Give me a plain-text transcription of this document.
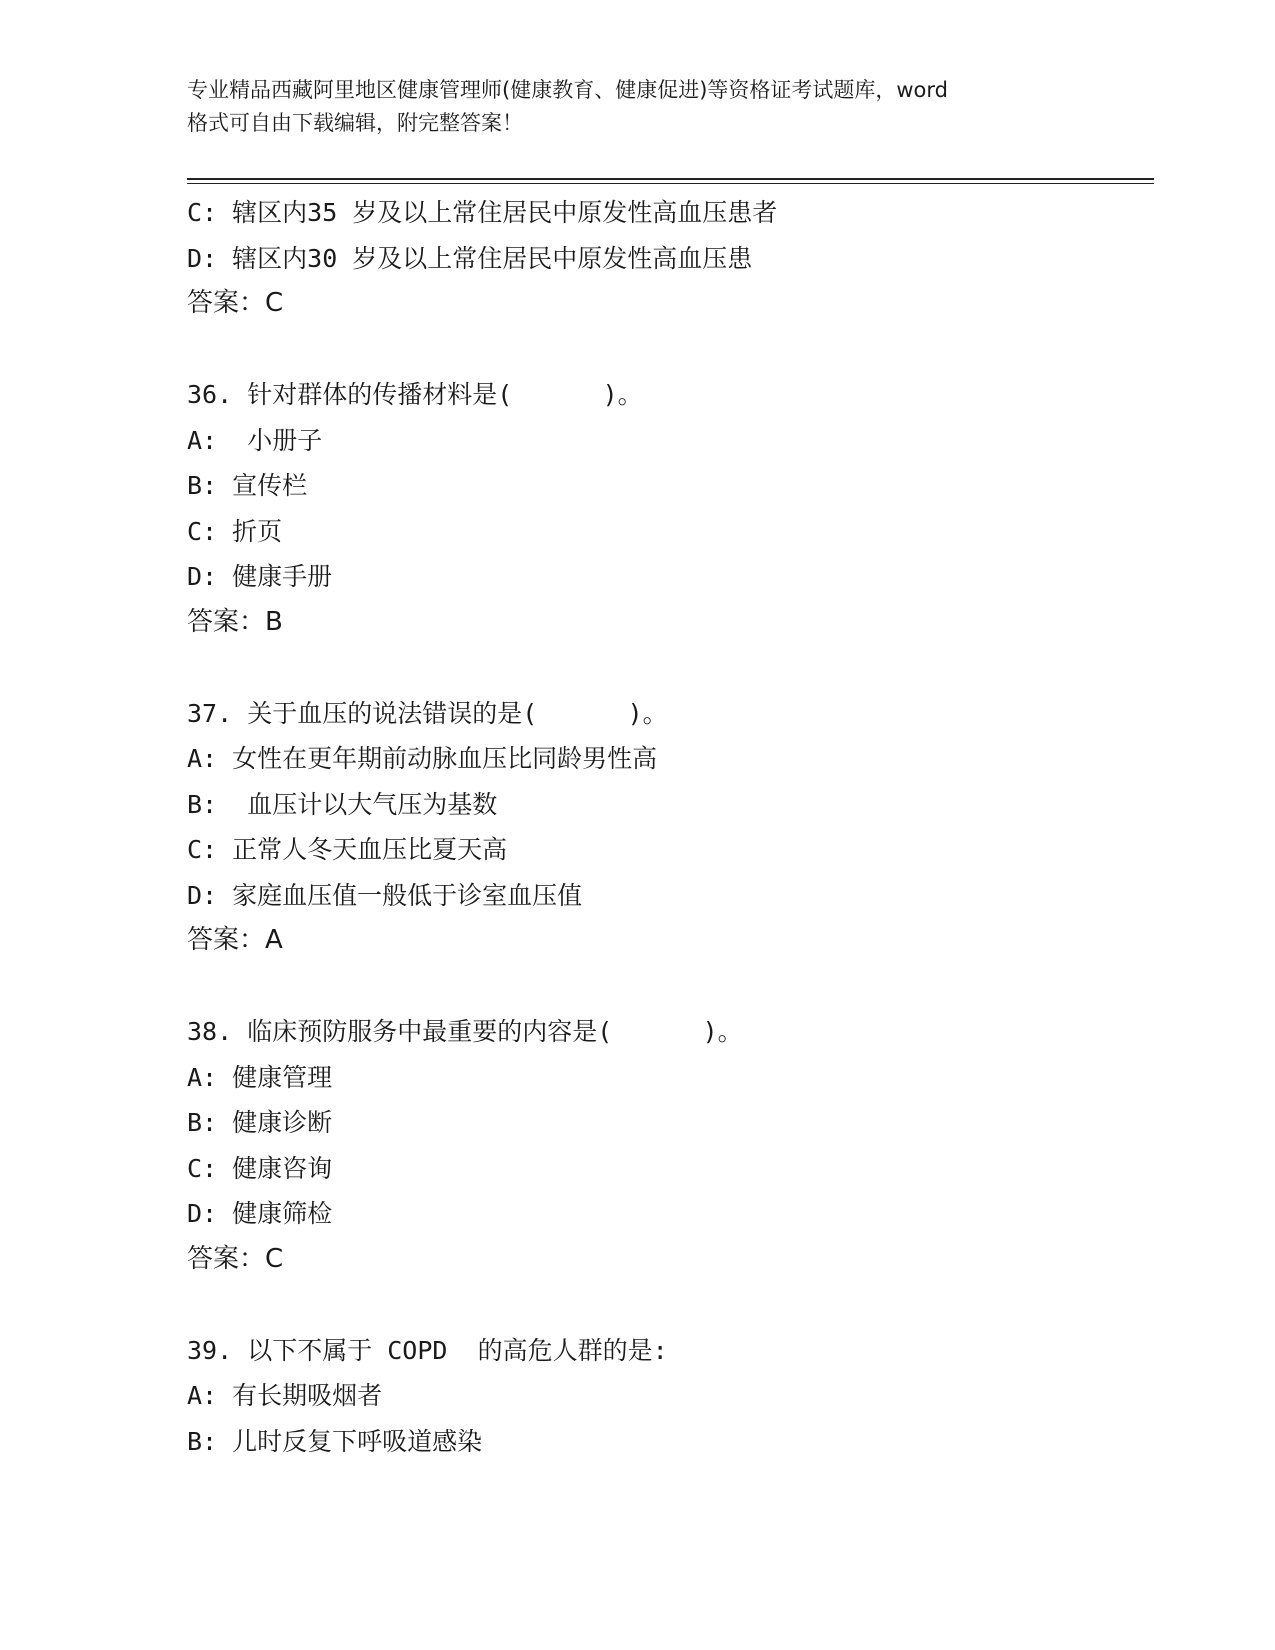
专业精品西藏阿里地区健康管理师(健康教育、健康促进)等资格证考试题库，word
格式可自由下载编辑，附完整答案！
C: 辖区内35 岁及以上常住居民中原发性高血压患者
D: 辖区内30 岁及以上常住居民中原发性高血压患
答案：C
36. 针对群体的传播材料是(      )。
A:  小册子
B: 宣传栏
C: 折页
D: 健康手册
答案：B
37. 关于血压的说法错误的是(      )。
A: 女性在更年期前动脉血压比同龄男性高
B:  血压计以大气压为基数
C: 正常人冬天血压比夏天高
D: 家庭血压值一般低于诊室血压值
答案：A
38. 临床预防服务中最重要的内容是(      )。
A: 健康管理
B: 健康诊断
C: 健康咨询
D: 健康筛检
答案：C
39. 以下不属于 COPD  的高危人群的是:
A: 有长期吸烟者
B: 儿时反复下呼吸道感染
